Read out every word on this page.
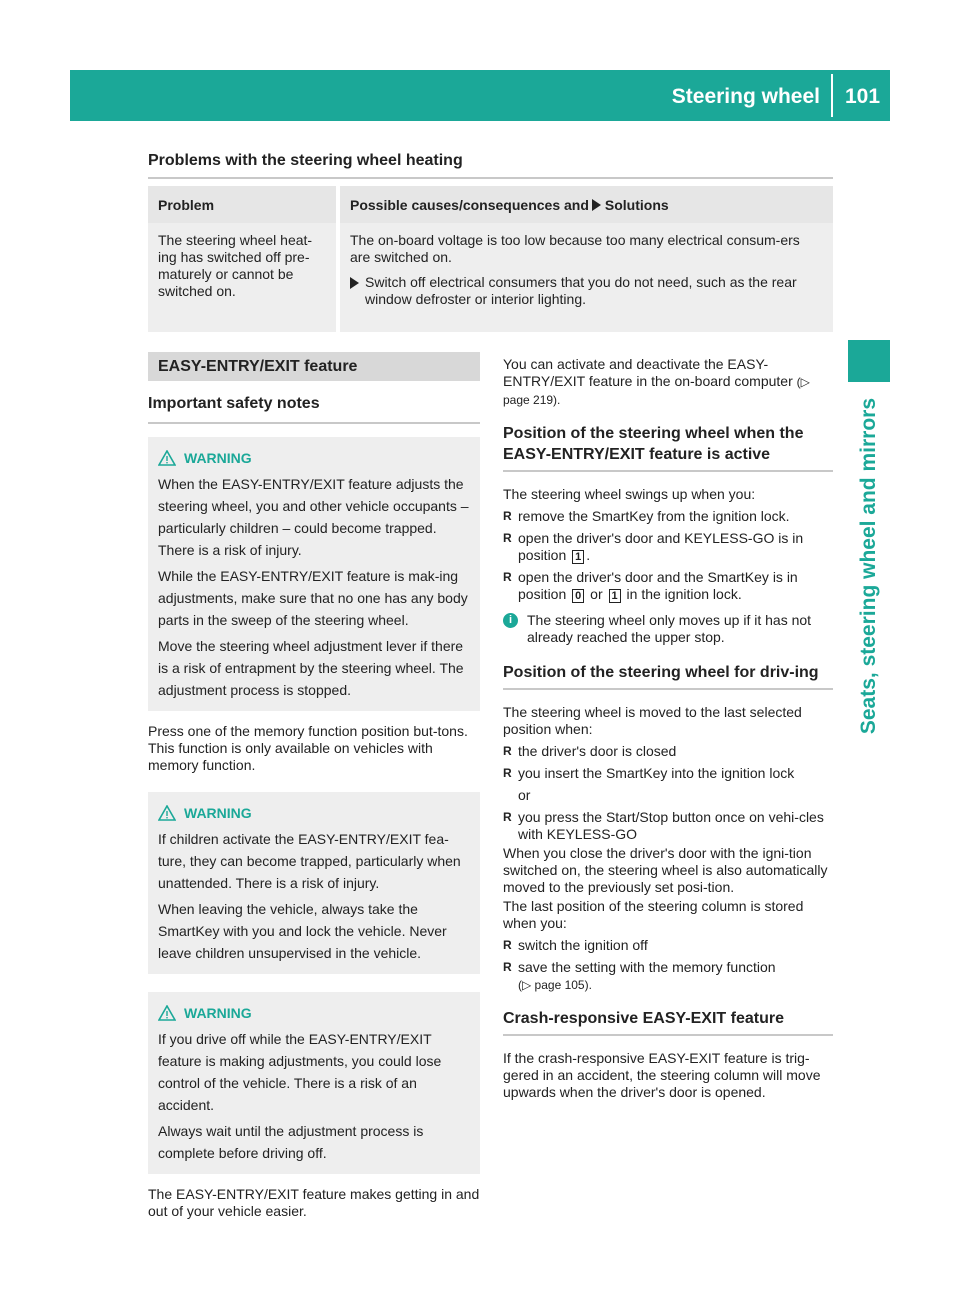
Steering wheel 101
Seats, steering wheel and mirrors
Problems with the steering wheel heating
Problem	Possible causes/consequences and Solutions
The steering wheel heat-ing has switched off pre-maturely or cannot be switched on.	The on-board voltage is too low because too many electrical consum-ers are switched on.
Switch off electrical consumers that you do not need, such as the rear window defroster or interior lighting.
EASY-ENTRY/EXIT feature
Important safety notes
WARNING

When the EASY-ENTRY/EXIT feature adjusts the steering wheel, you and other vehicle occupants – particularly children – could become trapped. There is a risk of injury.

While the EASY-ENTRY/EXIT feature is mak-ing adjustments, make sure that no one has any body parts in the sweep of the steering wheel.

Move the steering wheel adjustment lever if there is a risk of entrapment by the steering wheel. The adjustment process is stopped.

Press one of the memory function position but-tons. This function is only available on vehicles with memory function.

WARNING

If children activate the EASY-ENTRY/EXIT fea-ture, they can become trapped, particularly when unattended. There is a risk of injury.

When leaving the vehicle, always take the SmartKey with you and lock the vehicle. Never leave children unsupervised in the vehicle.

WARNING

If you drive off while the EASY-ENTRY/EXIT feature is making adjustments, you could lose control of the vehicle. There is a risk of an accident.

Always wait until the adjustment process is complete before driving off.

The EASY-ENTRY/EXIT feature makes getting in and out of your vehicle easier.

You can activate and deactivate the EASY-ENTRY/EXIT feature in the on-board computer (▷ page 219).

Position of the steering wheel when the EASY-ENTRY/EXIT feature is active

The steering wheel swings up when you:

R remove the SmartKey from the ignition lock.
R open the driver's door and KEYLESS-GO is in position 1 .
R open the driver's door and the SmartKey is in position 0 or 1 in the ignition lock.
i	The steering wheel only moves up if it has not already reached the upper stop.
Position of the steering wheel for driv-ing

The steering wheel is moved to the last selected position when:

R the driver's door is closed
R you insert the SmartKey into the ignition lock

or

R you press the Start/Stop button once on vehi-cles with KEYLESS-GO

When you close the driver's door with the igni-tion switched on, the steering wheel is also automatically moved to the previously set posi-tion.

The last position of the steering column is stored when you:

R switch the ignition off
R save the setting with the memory function
(▷ page 105).
Crash-responsive EASY-EXIT feature

If the crash-responsive EASY-EXIT feature is trig-gered in an accident, the steering column will move upwards when the driver's door is opened.
